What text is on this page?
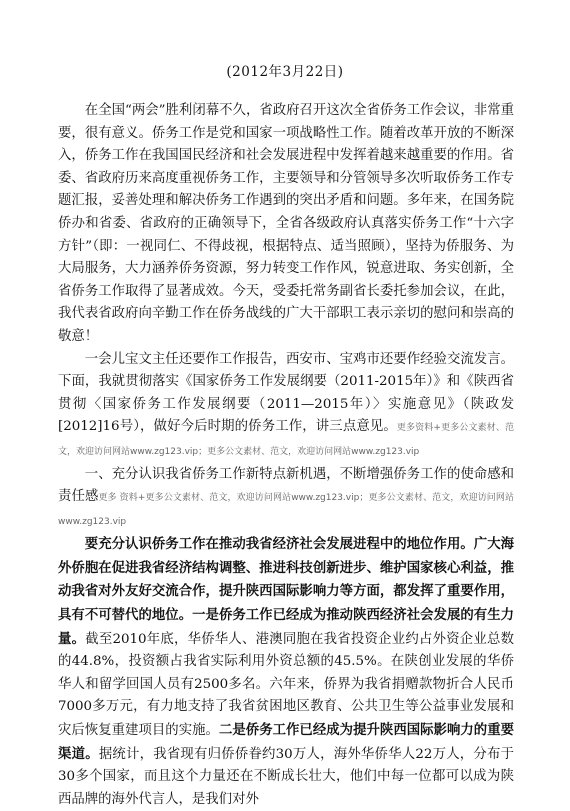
(2012年3月22日)

在全国“两会”胜利闭幕不久，省政府召开这次全省侨务工作会议，非常重要，很有意义。侨务工作是党和国家一项战略性工作。随着改革开放的不断深入，侨务工作在我国国民经济和社会发展进程中发挥着越来越重要的作用。省委、省政府历来高度重视侨务工作，主要领导和分管领导多次听取侨务工作专题汇报，妥善处理和解决侨务工作遇到的突出矛盾和问题。多年来，在国务院侨办和省委、省政府的正确领导下，全省各级政府认真落实侨务工作“十六字方针”（即：一视同仁、不得歧视，根据特点、适当照顾），坚持为侨服务、为大局服务，大力涵养侨务资源，努力转变工作作风，锐意进取、务实创新，全省侨务工作取得了显著成效。今天，受委托常务副省长委托参加会议，在此，我代表省政府向辛勤工作在侨务战线的广大干部职工表示亲切的慰问和崇高的敬意！

一会儿宝文主任还要作工作报告，西安市、宝鸡市还要作经验交流发言。下面，我就贯彻落实《国家侨务工作发展纲要（2011-2015年）》和《陕西省贯彻〈国家侨务工作发展纲要（2011—2015年）〉实施意见》（陕政发[2012]16号），做好今后时期的侨务工作，讲三点意见。更多资料+更多公文素材、范文，欢迎访问网站www.zg123.vip；更多公文素材、范文，欢迎访问网站www.zg123.vip

一、充分认识我省侨务工作新特点新机遇，不断增强侨务工作的使命感和责任感更多 资料+更多公文素材、范文，欢迎访问网站www.zg123.vip；更多公文素材、范文，欢迎访问网站www.zg123.vip

要充分认识侨务工作在推动我省经济社会发展进程中的地位作用。广大海外侨胞在促进我省经济结构调整、推进科技创新进步、维护国家核心利益，推动我省对外友好交流合作，提升陕西国际影响力等方面，都发挥了重要作用，具有不可替代的地位。一是侨务工作已经成为推动陕西经济社会发展的有生力量。截至2010年底，华侨华人、港澳同胞在我省投资企业约占外资企业总数的44.8%，投资额占我省实际利用外资总额的45.5%。在陕创业发展的华侨华人和留学回国人员有2500多名。六年来，侨界为我省捐赠款物折合人民币7000多万元，有力地支持了我省贫困地区教育、公共卫生等公益事业发展和灾后恢复重建项目的实施。二是侨务工作已经成为提升陕西国际影响力的重要渠道。据统计，我省现有归侨侨眷约30万人，海外华侨华人22万人，分布于30多个国家，而且这个力量还在不断成长壮大，他们中每一位都可以成为陕西品牌的海外代言人，是我们对外
